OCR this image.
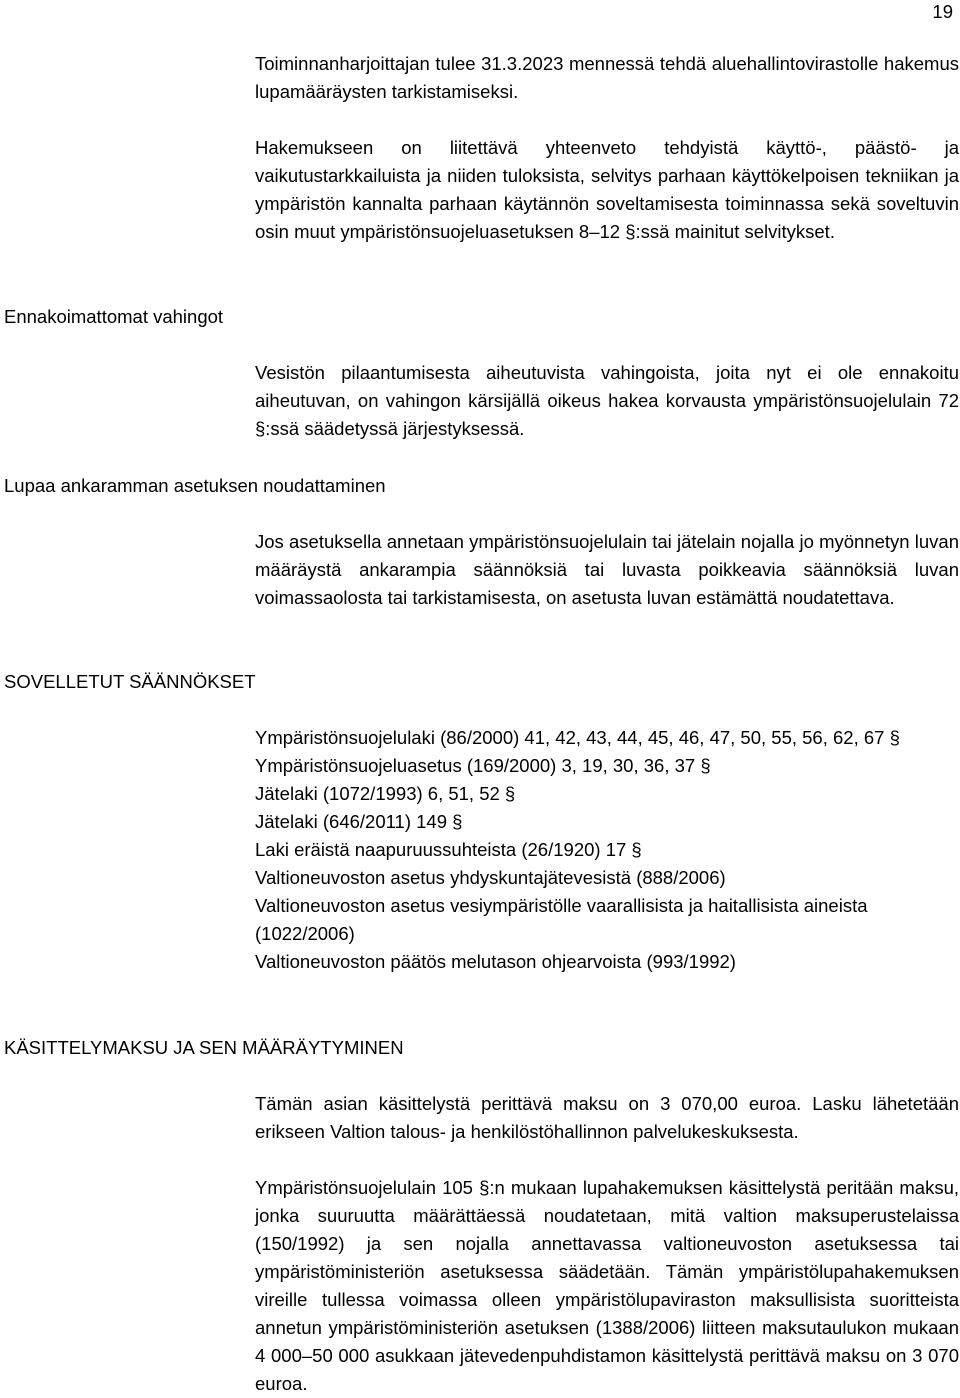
19

Toiminnanharjoittajan tulee 31.3.2023 mennessä tehdä aluehallintovirastolle hakemus lupamääräysten tarkistamiseksi.

Hakemukseen on liitettävä yhteenveto tehdyistä käyttö-, päästö- ja vaikutustarkkailuista ja niiden tuloksista, selvitys parhaan käyttökelpoisen tekniikan ja ympäristön kannalta parhaan käytännön soveltamisesta toiminnassa sekä soveltuvin osin muut ympäristönsuojeluasetuksen 8–12 §:ssä mainitut selvitykset.

Ennakoimattomat vahingot

Vesistön pilaantumisesta aiheutuvista vahingoista, joita nyt ei ole ennakoitu aiheutuvan, on vahingon kärsijällä oikeus hakea korvausta ympäristönsuojelulain 72 §:ssä säädetyssä järjestyksessä.

Lupaa ankaramman asetuksen noudattaminen

Jos asetuksella annetaan ympäristönsuojelulain tai jätelain nojalla jo myönnetyn luvan määräystä ankarampia säännöksiä tai luvasta poikkeavia säännöksiä luvan voimassaolosta tai tarkistamisesta, on asetusta luvan estämättä noudatettava.

SOVELLETUT SÄÄNNÖKSET
Ympäristönsuojelulaki (86/2000) 41, 42, 43, 44, 45, 46, 47, 50, 55, 56, 62, 67 §
Ympäristönsuojeluasetus (169/2000) 3, 19, 30, 36, 37 §
Jätelaki (1072/1993) 6, 51, 52 §
Jätelaki (646/2011) 149 §
Laki eräistä naapuruussuhteista (26/1920) 17 §
Valtioneuvoston asetus yhdyskuntajätevesistä (888/2006)
Valtioneuvoston asetus vesiympäristölle vaarallisista ja haitallisista aineista (1022/2006)
Valtioneuvoston päätös melutason ohjearvoista (993/1992)
KÄSITTELYMAKSU JA SEN MÄÄRÄYTYMINEN

Tämän asian käsittelystä perittävä maksu on 3 070,00 euroa. Lasku lähetetään erikseen Valtion talous- ja henkilöstöhallinnon palvelukeskuksesta.

Ympäristönsuojelulain 105 §:n mukaan lupahakemuksen käsittelystä peritään maksu, jonka suuruutta määrättäessä noudatetaan, mitä valtion maksuperustelaissa (150/1992) ja sen nojalla annettavassa valtioneuvoston asetuksessa tai ympäristöministeriön asetuksessa säädetään. Tämän ympäristölupahakemuksen vireille tullessa voimassa olleen ympäristölupaviraston maksullisista suoritteista annetun ympäristöministeriön asetuksen (1388/2006) liitteen maksutaulukon mukaan 4 000–50 000 asukkaan jätevedenpuhdistamon käsittelystä perittävä maksu on 3 070 euroa.
